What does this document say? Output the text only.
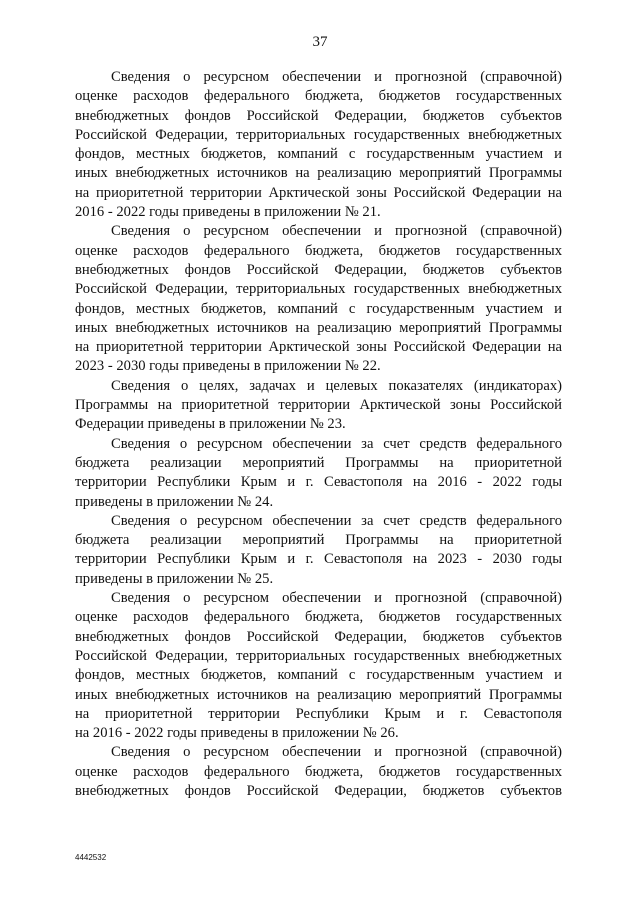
37

Сведения о ресурсном обеспечении и прогнозной (справочной)
оценке расходов федерального бюджета, бюджетов государственных
внебюджетных фондов Российской Федерации, бюджетов субъектов
Российской Федерации, территориальных государственных внебюджетных
фондов, местных бюджетов, компаний с государственным участием и
иных внебюджетных источников на реализацию мероприятий Программы
на приоритетной территории Арктической зоны Российской Федерации на
2016 - 2022 годы приведены в приложении № 21.

Сведения о ресурсном обеспечении и прогнозной (справочной)
оценке расходов федерального бюджета, бюджетов государственных
внебюджетных фондов Российской Федерации, бюджетов субъектов
Российской Федерации, территориальных государственных внебюджетных
фондов, местных бюджетов, компаний с государственным участием и
иных внебюджетных источников на реализацию мероприятий Программы
на приоритетной территории Арктической зоны Российской Федерации на
2023 - 2030 годы приведены в приложении № 22.

Сведения о целях, задачах и целевых показателях (индикаторах)
Программы на приоритетной территории Арктической зоны Российской
Федерации приведены в приложении № 23.

Сведения о ресурсном обеспечении за счет средств федерального
бюджета реализации мероприятий Программы на приоритетной
территории Республики Крым и г. Севастополя на 2016 - 2022 годы
приведены в приложении № 24.

Сведения о ресурсном обеспечении за счет средств федерального
бюджета реализации мероприятий Программы на приоритетной
территории Республики Крым и г. Севастополя на 2023 - 2030 годы
приведены в приложении № 25.

Сведения о ресурсном обеспечении и прогнозной (справочной)
оценке расходов федерального бюджета, бюджетов государственных
внебюджетных фондов Российской Федерации, бюджетов субъектов
Российской Федерации, территориальных государственных внебюджетных
фондов, местных бюджетов, компаний с государственным участием и
иных внебюджетных источников на реализацию мероприятий Программы
на приоритетной территории Республики Крым и г. Севастополя
на 2016 - 2022 годы приведены в приложении № 26.

Сведения о ресурсном обеспечении и прогнозной (справочной)
оценке расходов федерального бюджета, бюджетов государственных
внебюджетных фондов Российской Федерации, бюджетов субъектов

4442532
